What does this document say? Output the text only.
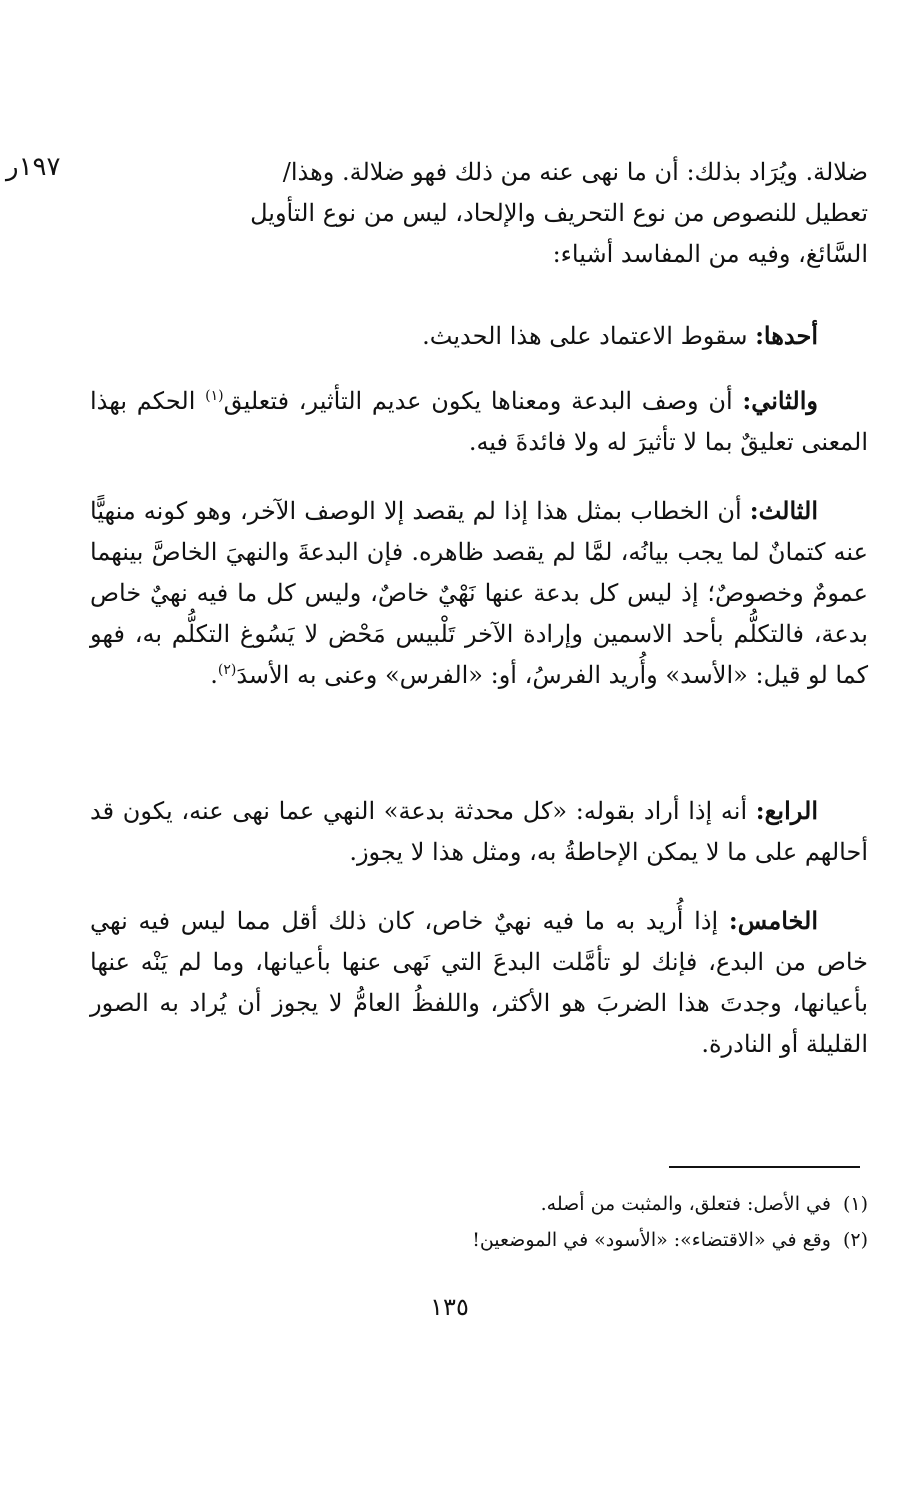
١٩٧ر	ضلالة. ويُرَاد بذلك: أن ما نهى عنه من ذلك فهو ضلالة. وهذا/
تعطيل للنصوص من نوع التحريف والإلحاد، ليس من نوع التأويل
السَّائغ، وفيه من المفاسد أشياء:
أحدها: سقوط الاعتماد على هذا الحديث.
والثاني: أن وصف البدعة ومعناها يكون عديم التأثير، فتعليق$^{(١)}$ الحكم بهذا المعنى تعليقٌ بما لا تأثيرَ له ولا فائدةَ فيه.
الثالث: أن الخطاب بمثل هذا إذا لم يقصد إلا الوصف الآخر، وهو كونه منهيًّا عنه كتمانٌ لما يجب بيانُه، لمَّا لم يقصد ظاهره. فإن البدعةَ والنهيَ الخاصَّ بينهما عمومٌ وخصوصٌ؛ إذ ليس كل بدعة عنها نَهْيٌ خاصٌ، وليس كل ما فيه نهيٌ خاص بدعة، فالتكلُّم بأحد الاسمين وإرادة الآخر تَلْبيس مَحْض لا يَسُوغ التكلُّم به، فهو كما لو قيل: «الأسد» وأُريد الفرسُ، أو: «الفرس» وعنى به الأسدَ$^{(٢)}$.
الرابع: أنه إذا أراد بقوله: «كل محدثة بدعة» النهي عما نهى عنه، يكون قد أحالهم على ما لا يمكن الإحاطةُ به، ومثل هذا لا يجوز.
الخامس: إذا أُريد به ما فيه نهيٌ خاص، كان ذلك أقل مما ليس فيه نهي خاص من البدع، فإنك لو تأمَّلت البدعَ التي نَهى عنها بأعيانها، وما لم يَنْه عنها بأعيانها، وجدتَ هذا الضربَ هو الأكثر، واللفظُ العامُّ لا يجوز أن يُراد به الصور القليلة أو النادرة.
(١)
في الأصل: فتعلق، والمثبت من أصله.
(٢)
وقع في «الاقتضاء»: «الأسود» في الموضعين!
١٣٥
